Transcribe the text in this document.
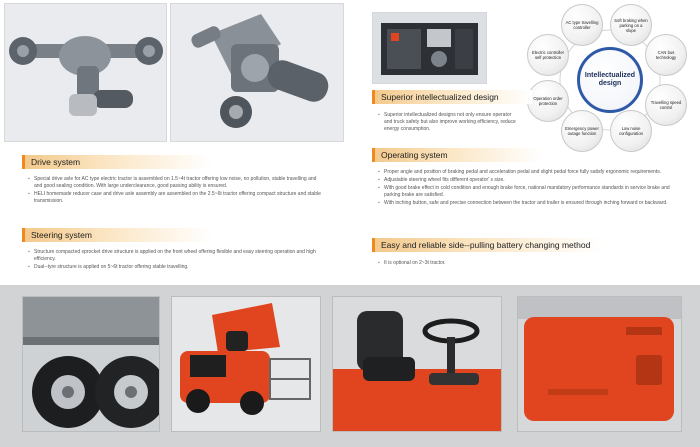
Intellectualized design
AC type travelling controller
Soft braking when parking on a slope
CAN bus technology
Travelling speed control
Low noise configuration
Emergency power outage function
Operation order protection
Electric controller self protection
Drive system

▪ Special drive axle for AC type electric tractor is assembled on 1.5~4t tractor offering low noise, no pollution, stable travelling and and good sealing condition. With large underclearance, good passing ability is ensured.

▪ HELI homemade reducer case and drive axle assembly are assembled on the 2.5~6t tractor offering compact structure and stable transmission.

Steering system

▪ Structure compacted sprocket drive structure is applied on the front wheel offering flexible and easy steering operation and high efficiency.

▪ Dual--tyre structure is applied on 5~6t tractor offering stable travelling.

Superior intellectualized design

▪ Superior intellectualized designs not only ensure operator and truck safety but also improve working efficiency, reduce energy consumption.

Operating system

▪ Proper angle and position of braking pedal and acceleration pedal and slight pedal force fully satisfy ergonomic requirements.

▪ Adjustable steering wheel fits different operator' s size.

▪ With good brake effect in cold condition and enough brake force, national mandatory performance standards in service brake and parking brake are satisfied.

▪ With inching button, safe and precise connection between the tractor and trailer is ensured through inching forward or backward.

Easy and reliable side--pulling battery changing method

▪ It is optional on 2~3t tractor.
